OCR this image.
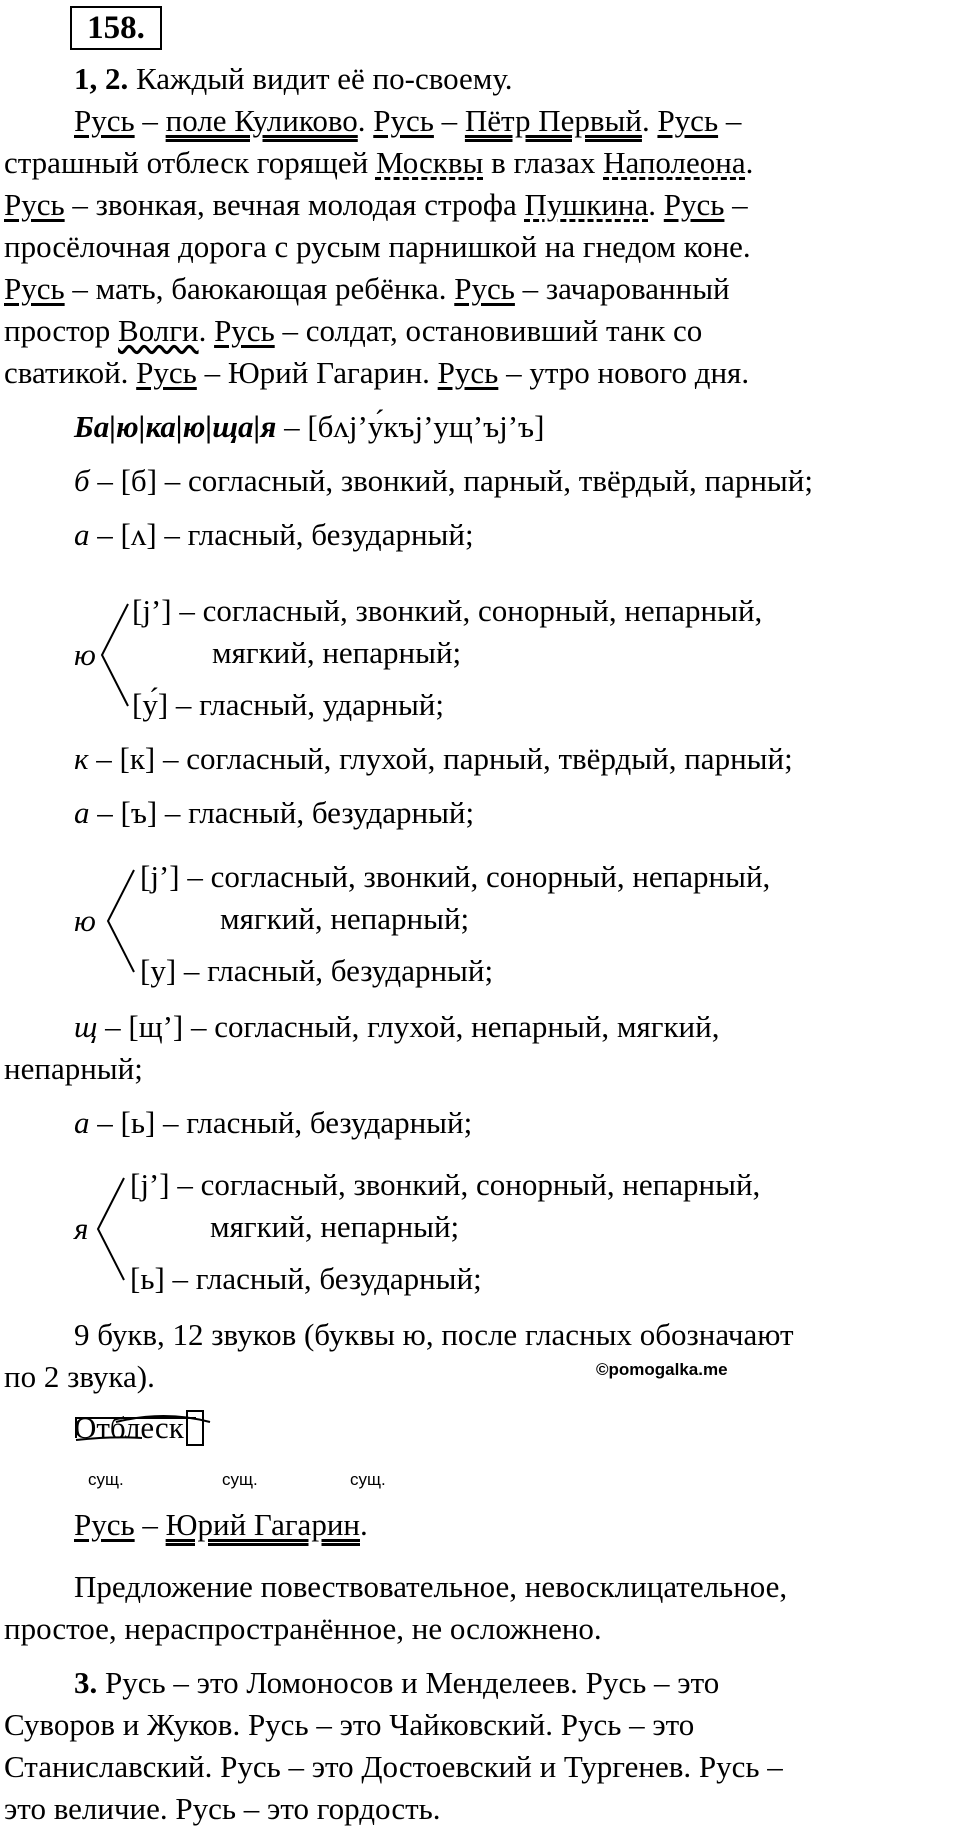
158.
1, 2. Каждый видит её по-своему.
Русь – поле Куликово. Русь – Пётр Первый. Русь –
страшный отблеск горящей Москвы в глазах Наполеона.
Русь – звонкая, вечная молодая строфа Пушкина. Русь –
просёлочная дорога с русым парнишкой на гнедом коне.
Русь – мать, баюкающая ребёнка. Русь – зачарованный
простор Волги. Русь – солдат, остановивший танк со
сватикой. Русь – Юрий Гагарин. Русь – утро нового дня.
Ба|ю|ка|ю|ща|я – [бʌj’у́къj’ущ’ъj’ъ]
б – [б] – согласный, звонкий, парный, твёрдый, парный;
а – [ʌ] – гласный, безударный;
ю
[j’] – согласный, звонкий, сонорный, непарный,
мягкий, непарный;
[у́] – гласный, ударный;
к – [к] – согласный, глухой, парный, твёрдый, парный;
а – [ъ] – гласный, безударный;
ю
[j’] – согласный, звонкий, сонорный, непарный,
мягкий, непарный;
[у] – гласный, безударный;
щ – [щ’] – согласный, глухой, непарный, мягкий,
непарный;
а – [ь] – гласный, безударный;
я
[j’] – согласный, звонкий, сонорный, непарный,
мягкий, непарный;
[ь] – гласный, безударный;
9 букв, 12 звуков (буквы ю, после гласных обозначают
по 2 звука).	©pomogalka.me
Отблеск
сущ.	сущ.	сущ.
Русь – Юрий Гагарин.
Предложение повествовательное, невосклицательное,
простое, нераспространённое, не осложнено.
3. Русь – это Ломоносов и Менделеев. Русь – это
Суворов и Жуков. Русь – это Чайковский. Русь – это
Станиславский. Русь – это Достоевский и Тургенев. Русь –
это величие. Русь – это гордость.
